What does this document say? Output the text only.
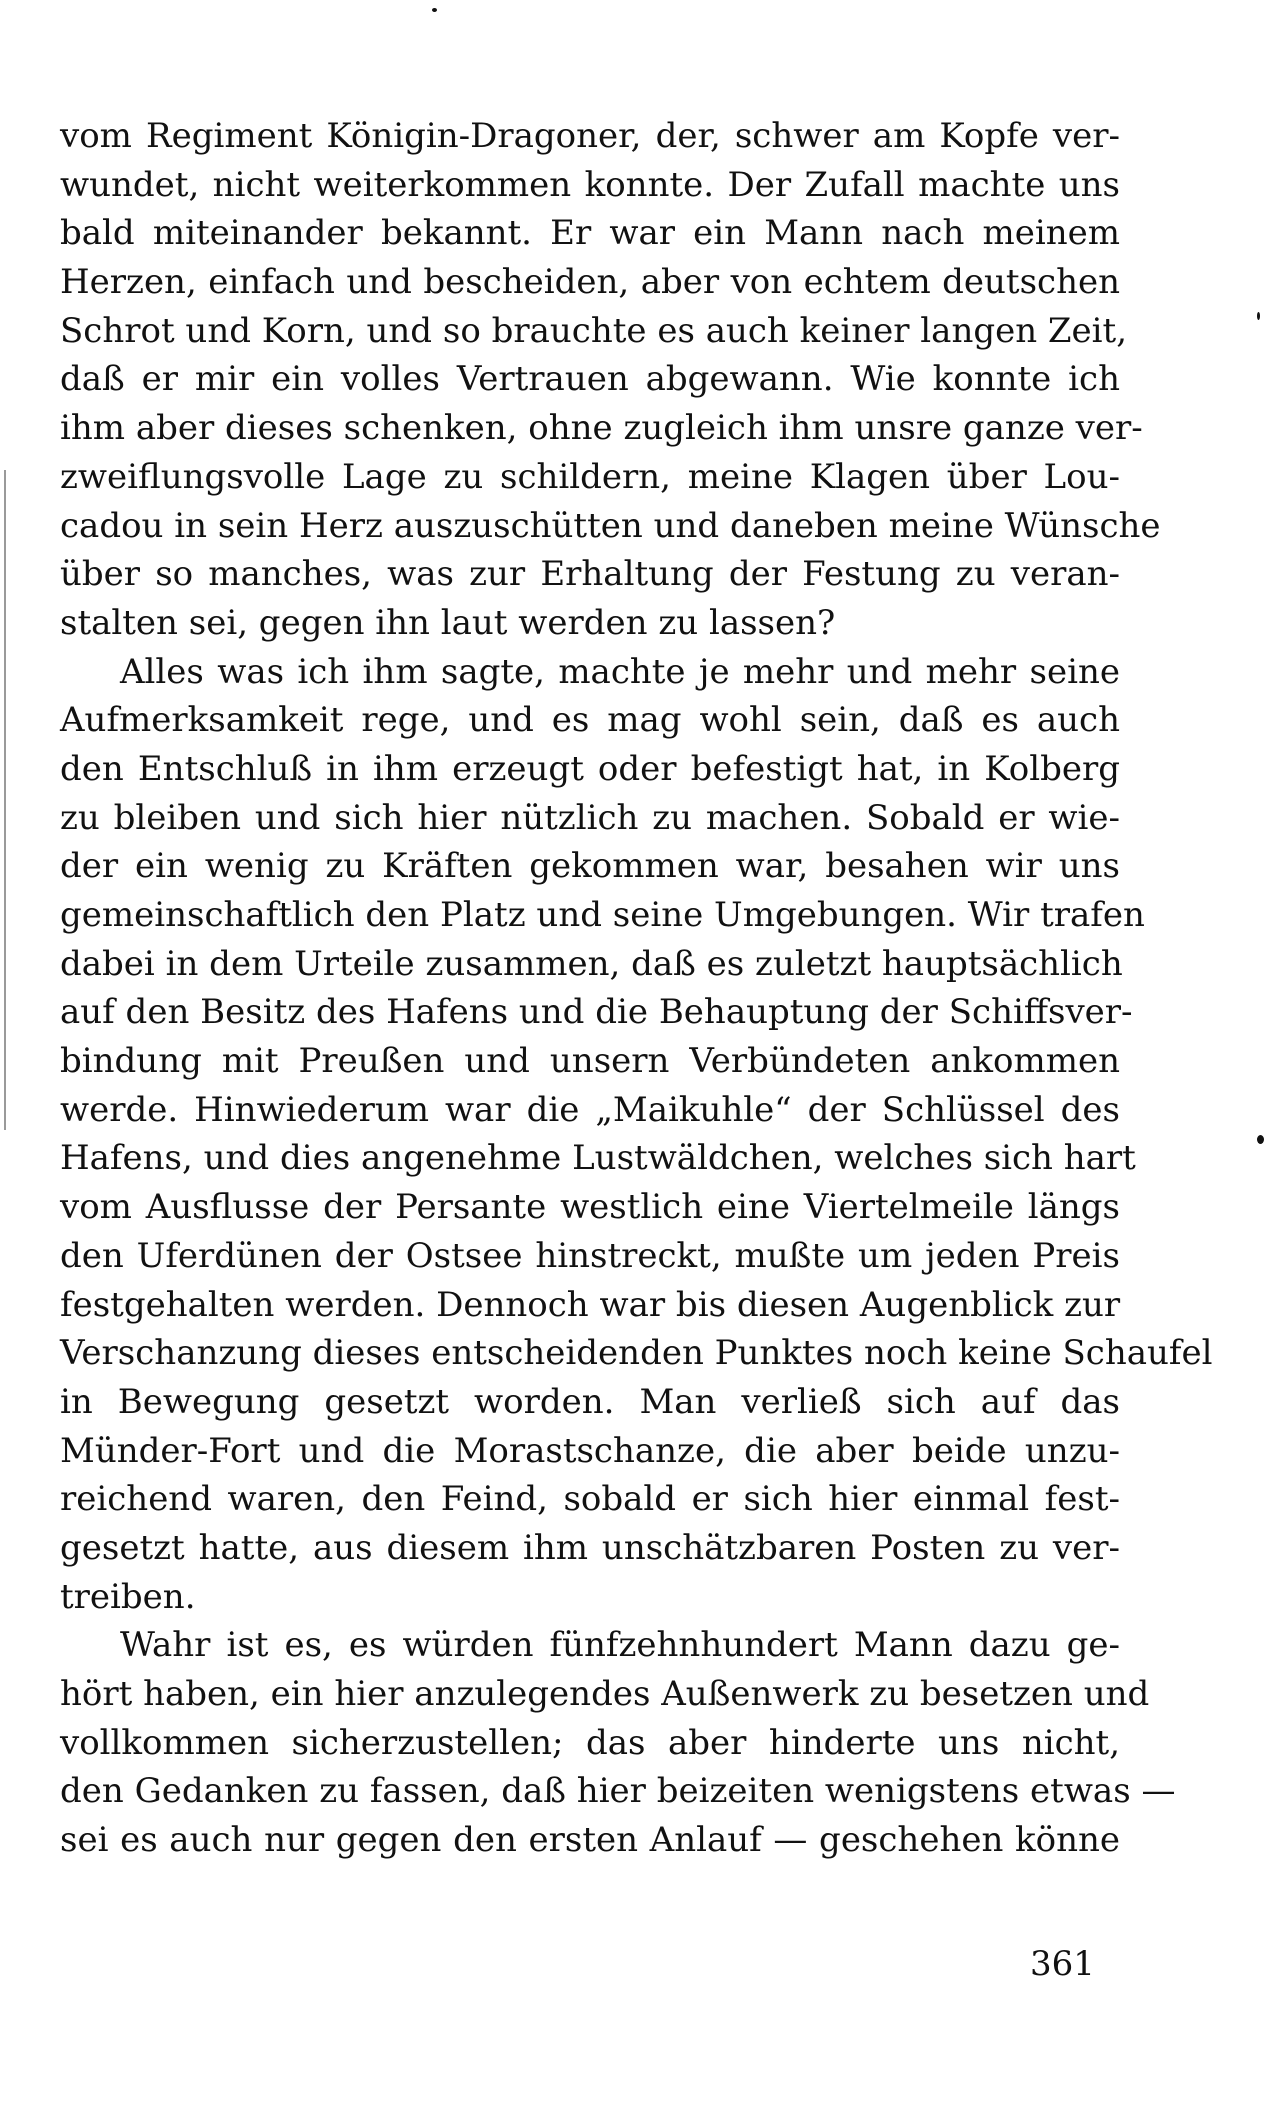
vom Regiment Königin-Dragoner, der, schwer am Kopfe ver-
wundet, nicht weiterkommen konnte. Der Zufall machte uns
bald miteinander bekannt. Er war ein Mann nach meinem
Herzen, einfach und bescheiden, aber von echtem deutschen
Schrot und Korn, und so brauchte es auch keiner langen Zeit,
daß er mir ein volles Vertrauen abgewann. Wie konnte ich
ihm aber dieses schenken, ohne zugleich ihm unsre ganze ver-
zweiflungsvolle Lage zu schildern, meine Klagen über Lou-
cadou in sein Herz auszuschütten und daneben meine Wünsche
über so manches, was zur Erhaltung der Festung zu veran-
stalten sei, gegen ihn laut werden zu lassen?
Alles was ich ihm sagte, machte je mehr und mehr seine
Aufmerksamkeit rege, und es mag wohl sein, daß es auch
den Entschluß in ihm erzeugt oder befestigt hat, in Kolberg
zu bleiben und sich hier nützlich zu machen. Sobald er wie-
der ein wenig zu Kräften gekommen war, besahen wir uns
gemeinschaftlich den Platz und seine Umgebungen. Wir trafen
dabei in dem Urteile zusammen, daß es zuletzt hauptsächlich
auf den Besitz des Hafens und die Behauptung der Schiffsver-
bindung mit Preußen und unsern Verbündeten ankommen
werde. Hinwiederum war die „Maikuhle“ der Schlüssel des
Hafens, und dies angenehme Lustwäldchen, welches sich hart
vom Ausflusse der Persante westlich eine Viertelmeile längs
den Uferdünen der Ostsee hinstreckt, mußte um jeden Preis
festgehalten werden. Dennoch war bis diesen Augenblick zur
Verschanzung dieses entscheidenden Punktes noch keine Schaufel
in Bewegung gesetzt worden. Man verließ sich auf das
Münder-Fort und die Morastschanze, die aber beide unzu-
reichend waren, den Feind, sobald er sich hier einmal fest-
gesetzt hatte, aus diesem ihm unschätzbaren Posten zu ver-
treiben.
Wahr ist es, es würden fünfzehnhundert Mann dazu ge-
hört haben, ein hier anzulegendes Außenwerk zu besetzen und
vollkommen sicherzustellen; das aber hinderte uns nicht,
den Gedanken zu fassen, daß hier beizeiten wenigstens etwas —
sei es auch nur gegen den ersten Anlauf — geschehen könne
361
